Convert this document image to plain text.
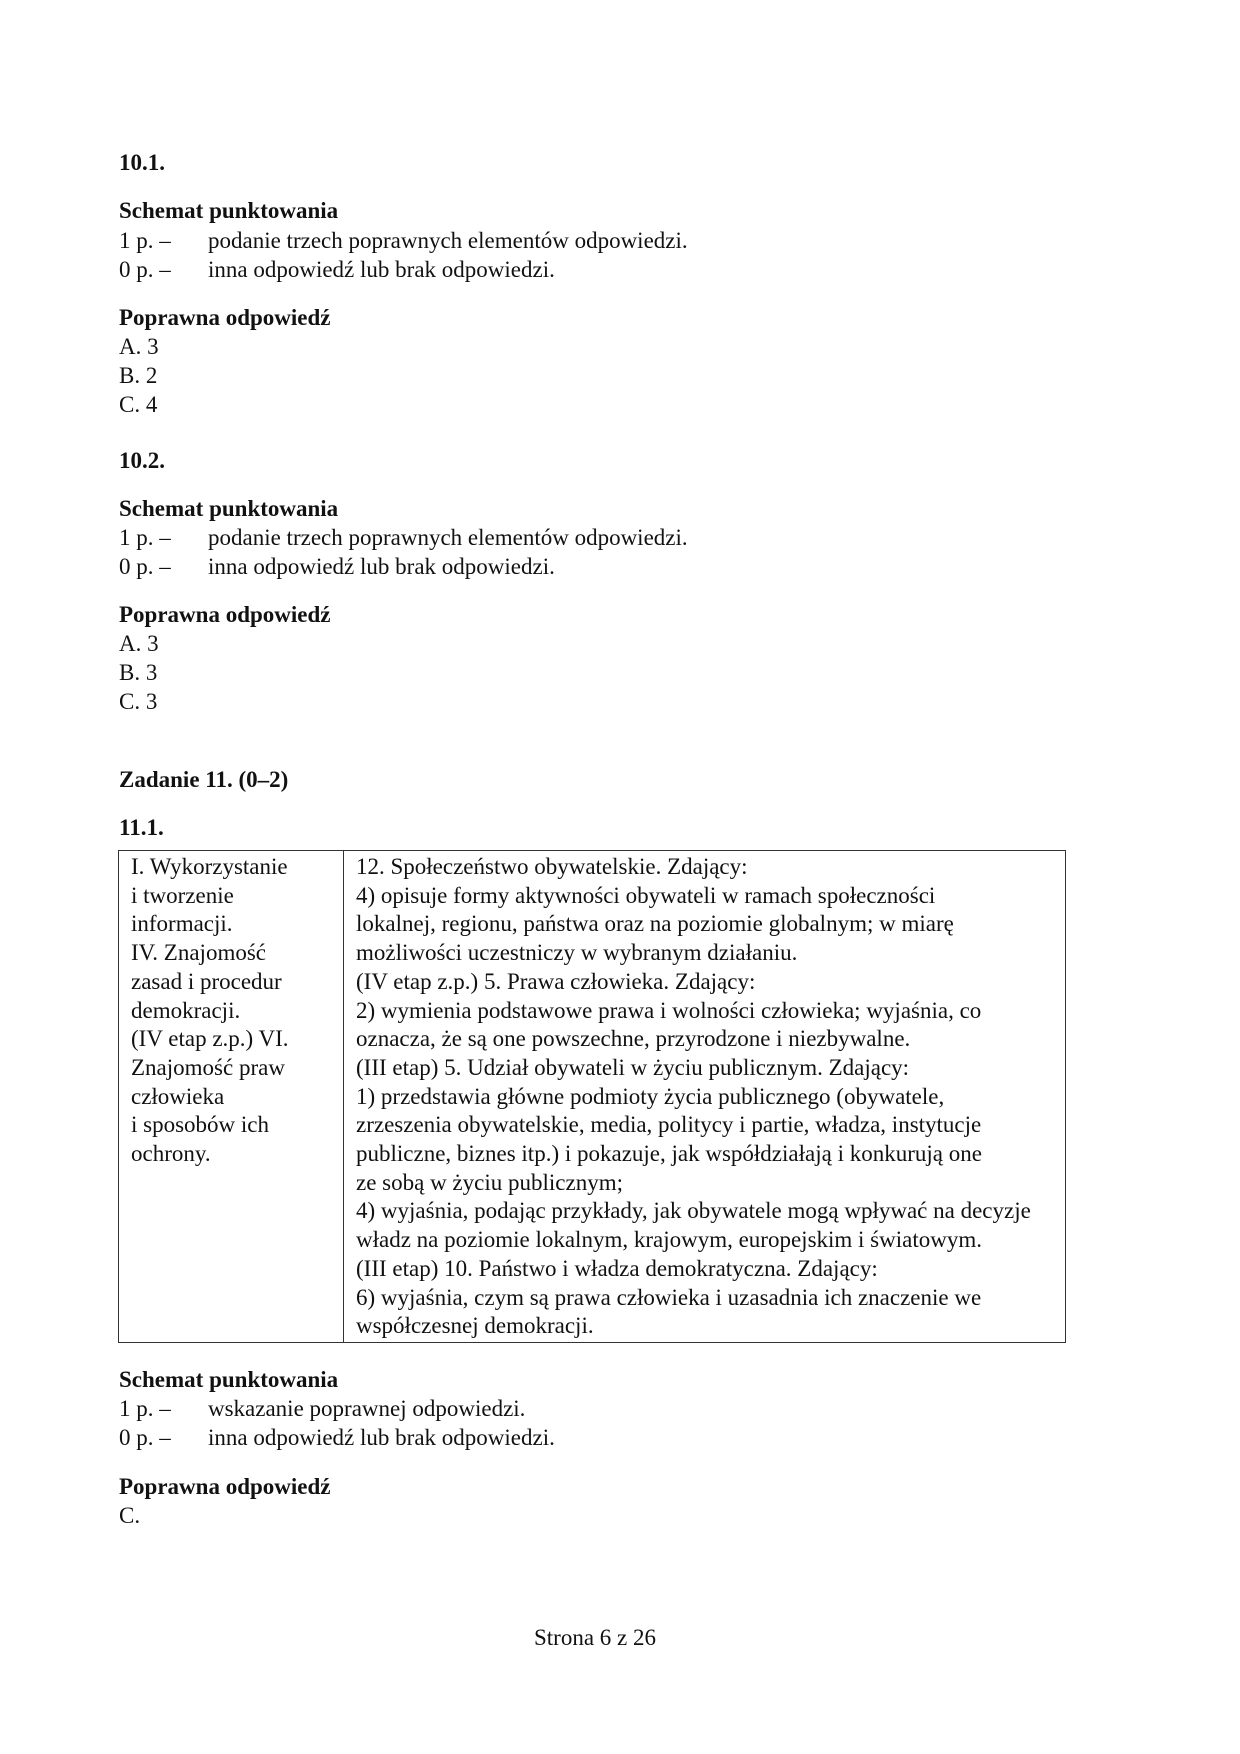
10.1.
Schemat punktowania
1 p. – podanie trzech poprawnych elementów odpowiedzi.
0 p. – inna odpowiedź lub brak odpowiedzi.
Poprawna odpowiedź
A. 3
B. 2
C. 4
10.2.
Schemat punktowania
1 p. – podanie trzech poprawnych elementów odpowiedzi.
0 p. – inna odpowiedź lub brak odpowiedzi.
Poprawna odpowiedź
A. 3
B. 3
C. 3
Zadanie 11. (0–2)
11.1.
I. Wykorzystanie
i tworzenie
informacji.
IV. Znajomość
zasad i procedur
demokracji.
(IV etap z.p.) VI.
Znajomość praw
człowieka
i sposobów ich
ochrony.

12. Społeczeństwo obywatelskie. Zdający:
4) opisuje formy aktywności obywateli w ramach społeczności
lokalnej, regionu, państwa oraz na poziomie globalnym; w miarę
możliwości uczestniczy w wybranym działaniu.
(IV etap z.p.) 5. Prawa człowieka. Zdający:
2) wymienia podstawowe prawa i wolności człowieka; wyjaśnia, co
oznacza, że są one powszechne, przyrodzone i niezbywalne.
(III etap) 5. Udział obywateli w życiu publicznym. Zdający:
1) przedstawia główne podmioty życia publicznego (obywatele,
zrzeszenia obywatelskie, media, politycy i partie, władza, instytucje
publiczne, biznes itp.) i pokazuje, jak współdziałają i konkurują one
ze sobą w życiu publicznym;
4) wyjaśnia, podając przykłady, jak obywatele mogą wpływać na decyzje
władz na poziomie lokalnym, krajowym, europejskim i światowym.
(III etap) 10. Państwo i władza demokratyczna. Zdający:
6) wyjaśnia, czym są prawa człowieka i uzasadnia ich znaczenie we
współczesnej demokracji.
Schemat punktowania
1 p. – wskazanie poprawnej odpowiedzi.
0 p. – inna odpowiedź lub brak odpowiedzi.
Poprawna odpowiedź
C.
Strona 6 z 26
